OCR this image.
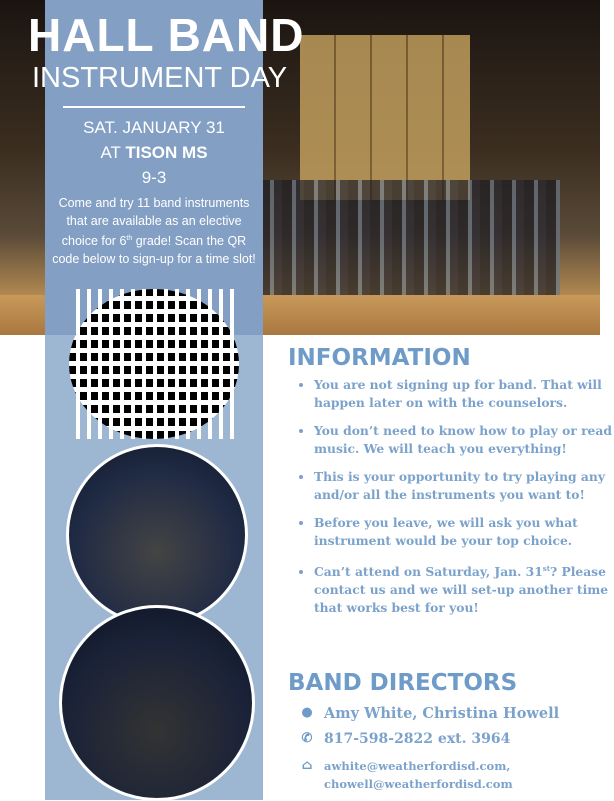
HALL BAND
INSTRUMENT DAY
SAT. JANUARY 31
AT TISON MS
9-3
Come and try 11 band instruments that are available as an elective choice for 6th grade! Scan the QR code below to sign-up for a time slot!
INFORMATION
• You are not signing up for band. That will happen later on with the counselors.
• You don’t need to know how to play or read music. We will teach you everything!
• This is your opportunity to try playing any and/or all the instruments you want to!
• Before you leave, we will ask you what instrument would be your top choice.
• Can’t attend on Saturday, Jan. 31st? Please contact us and we will set-up another time that works best for you!
BAND DIRECTORS
● Amy White, Christina Howell
✆ 817-598-2822 ext. 3964
⌂ awhite@weatherfordisd.com,
chowell@weatherfordisd.com
